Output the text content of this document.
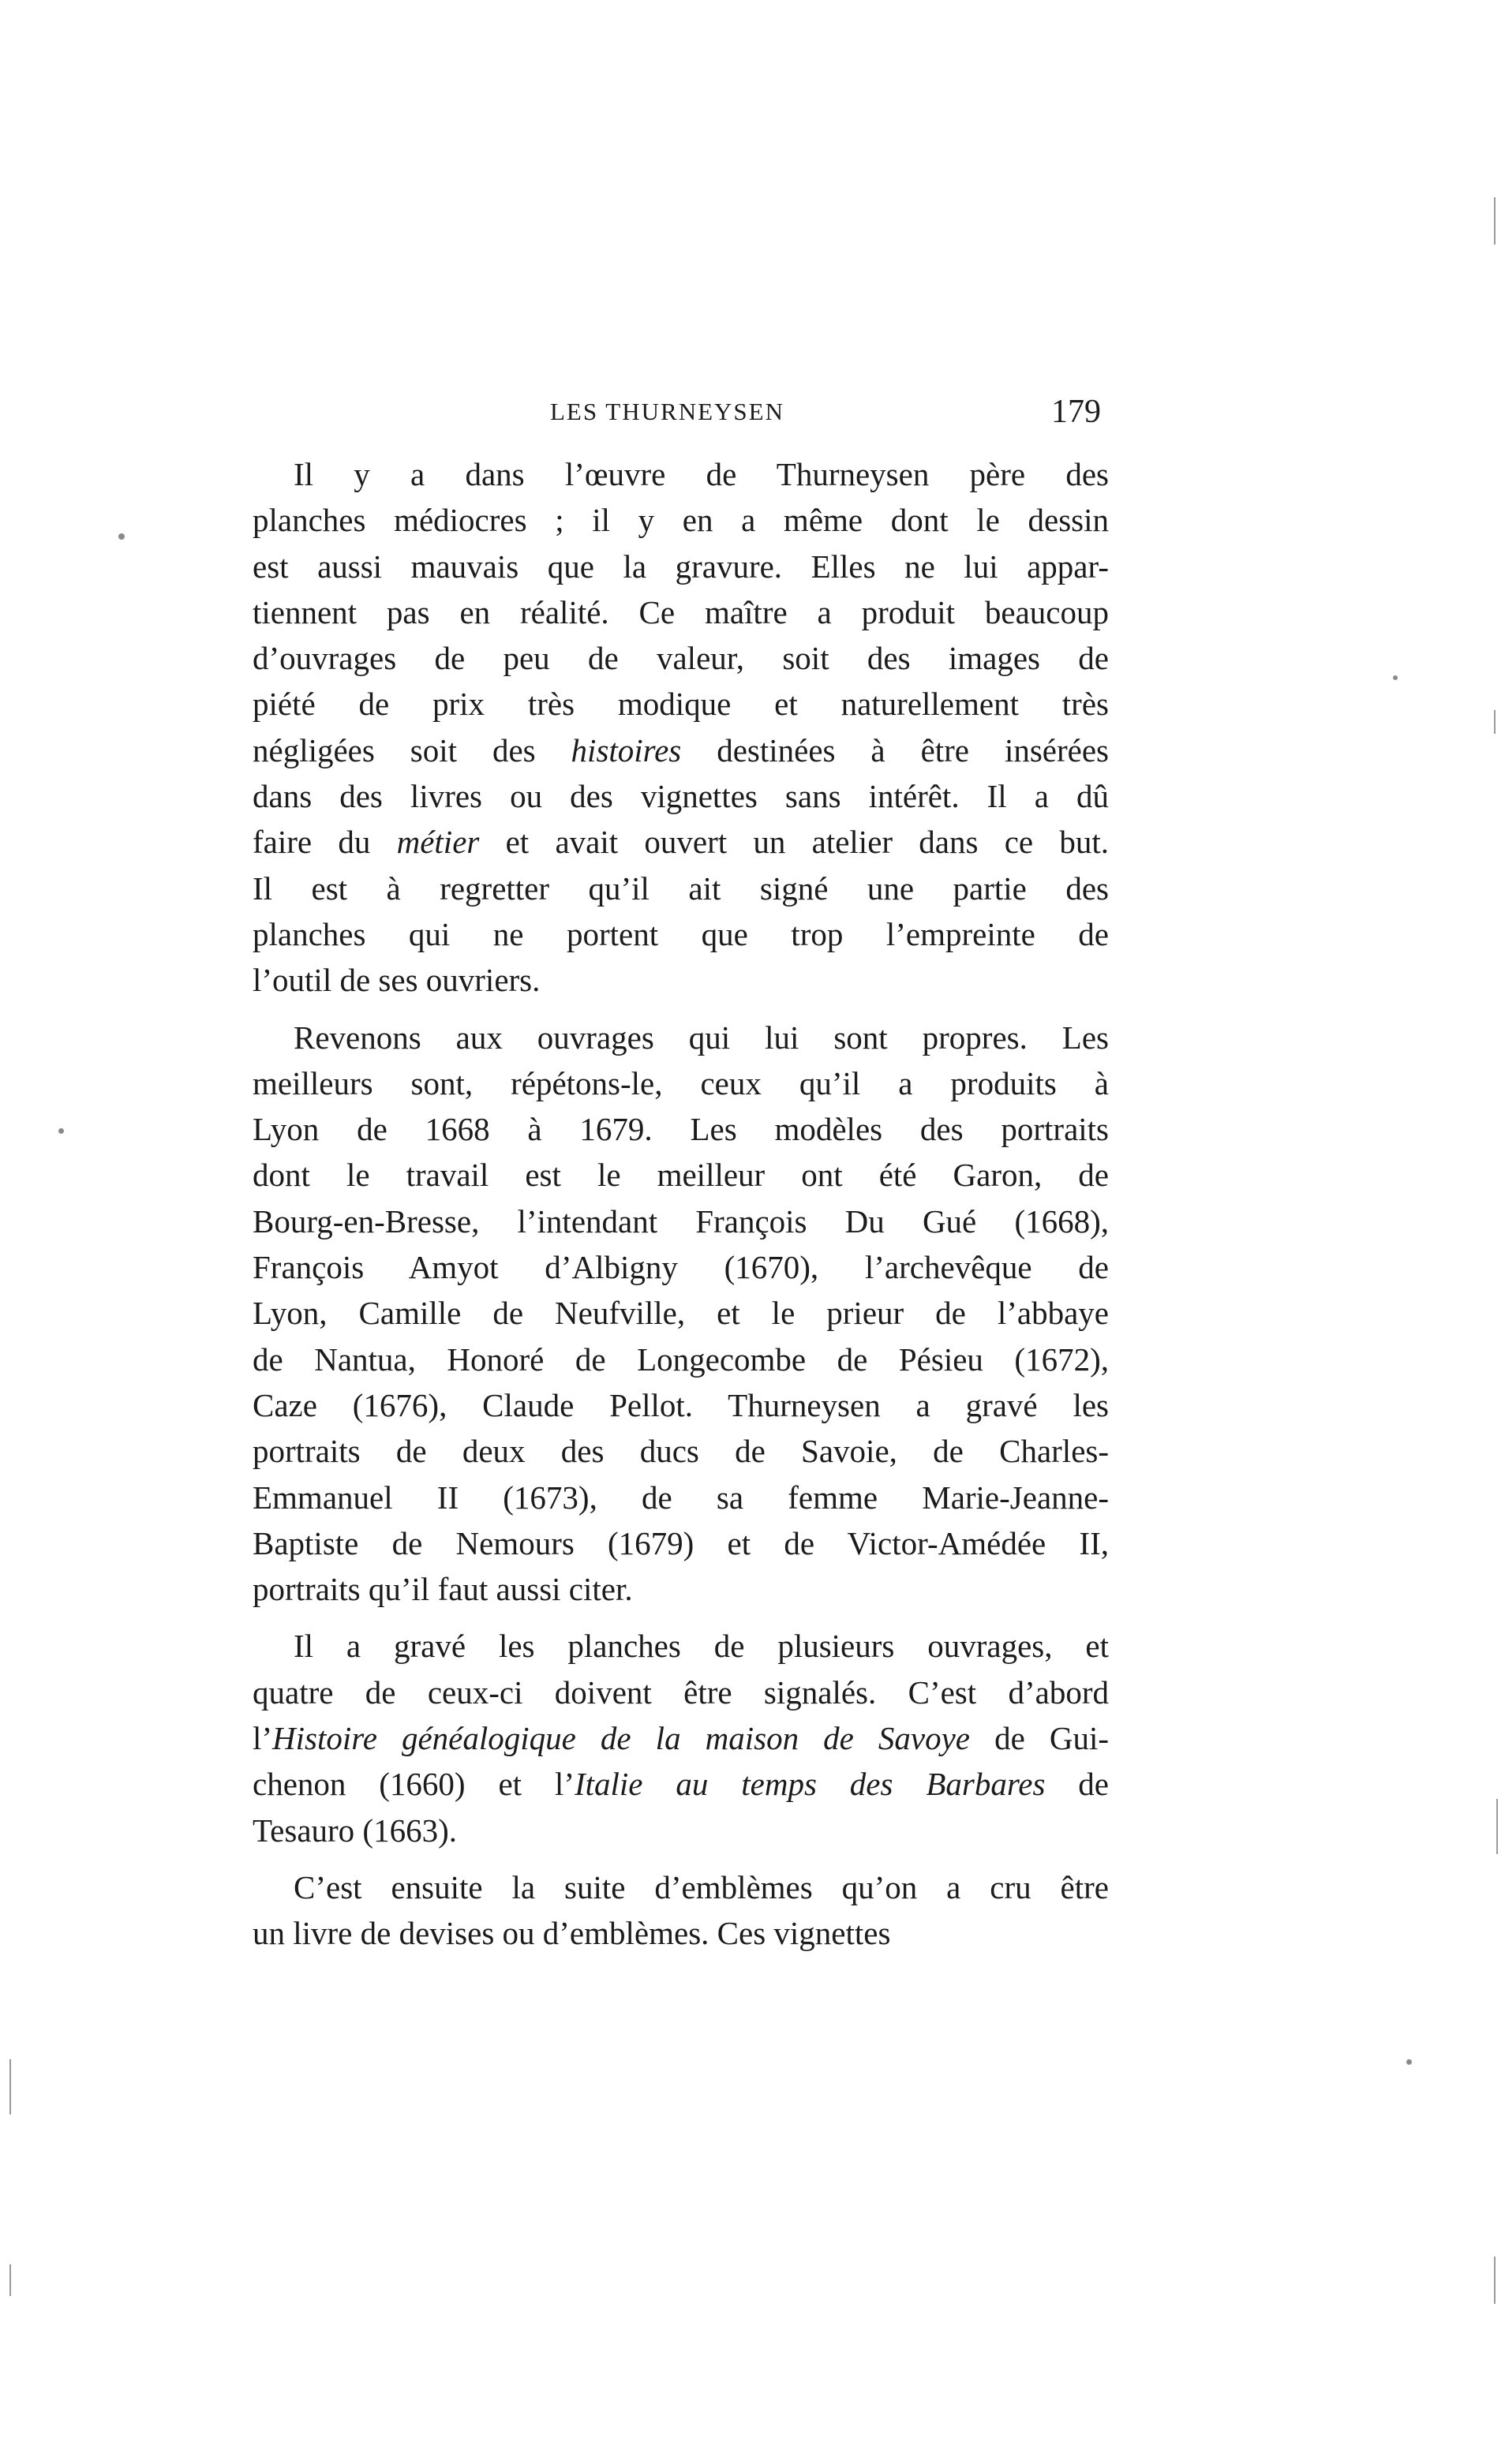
LES THURNEYSEN	179
Il y a dans l’œuvre de Thurneysen père des
planches médiocres ; il y en a même dont le dessin
est aussi mauvais que la gravure. Elles ne lui appar-
tiennent pas en réalité. Ce maître a produit beaucoup
d’ouvrages de peu de valeur, soit des images de
piété de prix très modique et naturellement très
négligées soit des histoires destinées à être insérées
dans des livres ou des vignettes sans intérêt. Il a dû
faire du métier et avait ouvert un atelier dans ce but.
Il est à regretter qu’il ait signé une partie des
planches qui ne portent que trop l’empreinte de
l’outil de ses ouvriers.
Revenons aux ouvrages qui lui sont propres. Les
meilleurs sont, répétons-le, ceux qu’il a produits à
Lyon de 1668 à 1679. Les modèles des portraits
dont le travail est le meilleur ont été Garon, de
Bourg-en-Bresse, l’intendant François Du Gué (1668),
François Amyot d’Albigny (1670), l’archevêque de
Lyon, Camille de Neufville, et le prieur de l’abbaye
de Nantua, Honoré de Longecombe de Pésieu (1672),
Caze (1676), Claude Pellot. Thurneysen a gravé les
portraits de deux des ducs de Savoie, de Charles-
Emmanuel II (1673), de sa femme Marie-Jeanne-
Baptiste de Nemours (1679) et de Victor-Amédée II,
portraits qu’il faut aussi citer.
Il a gravé les planches de plusieurs ouvrages, et
quatre de ceux-ci doivent être signalés. C’est d’abord
l’Histoire généalogique de la maison de Savoye de Gui-
chenon (1660) et l’Italie au temps des Barbares de
Tesauro (1663).
C’est ensuite la suite d’emblèmes qu’on a cru être
un livre de devises ou d’emblèmes. Ces vignettes
